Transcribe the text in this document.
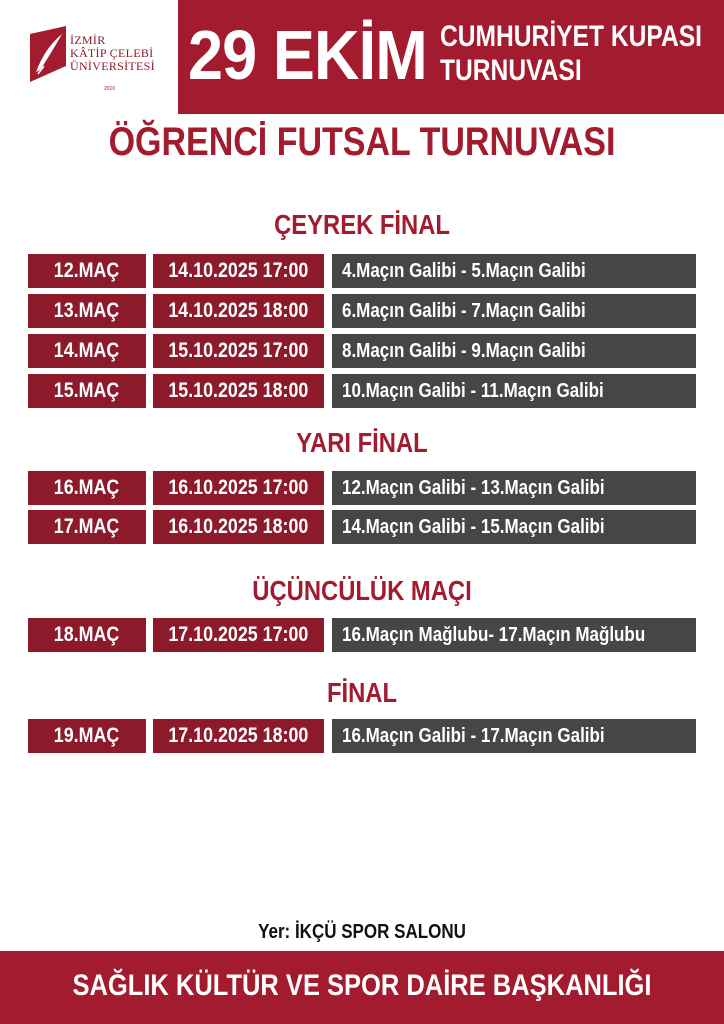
İZMİR
KÂTİP ÇELEBİ
ÜNİVERSİTESİ
2010 29 EKİM CUMHURİYET KUPASI
TURNUVASI
ÖĞRENCİ FUTSAL TURNUVASI
ÇEYREK FİNAL
12.MAÇ	14.10.2025 17:00	4.Maçın Galibi - 5.Maçın Galibi
13.MAÇ	14.10.2025 18:00	6.Maçın Galibi - 7.Maçın Galibi
14.MAÇ	15.10.2025 17:00	8.Maçın Galibi - 9.Maçın Galibi
15.MAÇ	15.10.2025 18:00	10.Maçın Galibi - 11.Maçın Galibi
YARI FİNAL
16.MAÇ	16.10.2025 17:00	12.Maçın Galibi - 13.Maçın Galibi
17.MAÇ	16.10.2025 18:00	14.Maçın Galibi - 15.Maçın Galibi
ÜÇÜNCÜLÜK MAÇI
18.MAÇ	17.10.2025 17:00	16.Maçın Mağlubu- 17.Maçın Mağlubu
FİNAL
19.MAÇ	17.10.2025 18:00	16.Maçın Galibi - 17.Maçın Galibi
Yer: İKÇÜ SPOR SALONU
SAĞLIK KÜLTÜR VE SPOR DAİRE BAŞKANLIĞI
